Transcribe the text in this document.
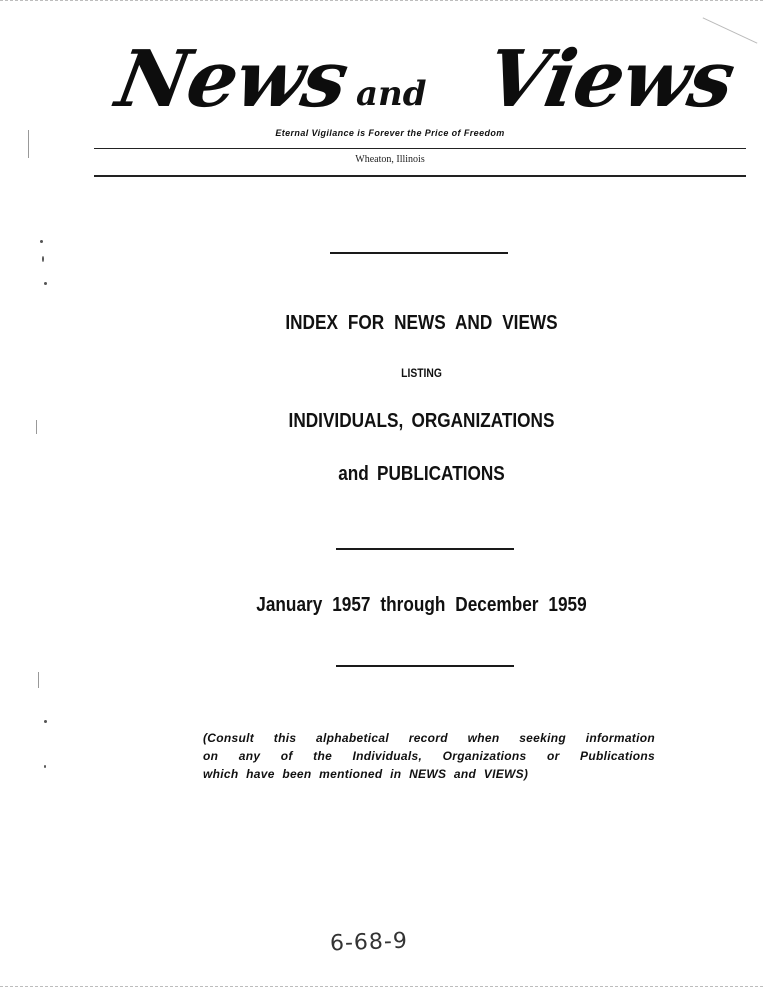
News and Views
Eternal Vigilance is Forever the Price of Freedom
Wheaton, Illinois
INDEX FOR NEWS AND VIEWS
LISTING
INDIVIDUALS, ORGANIZATIONS
and PUBLICATIONS
January 1957 through December 1959
(Consult this alphabetical record when seeking information
on any of the Individuals, Organizations or Publications
which have been mentioned in NEWS and VIEWS)
6-68-9
